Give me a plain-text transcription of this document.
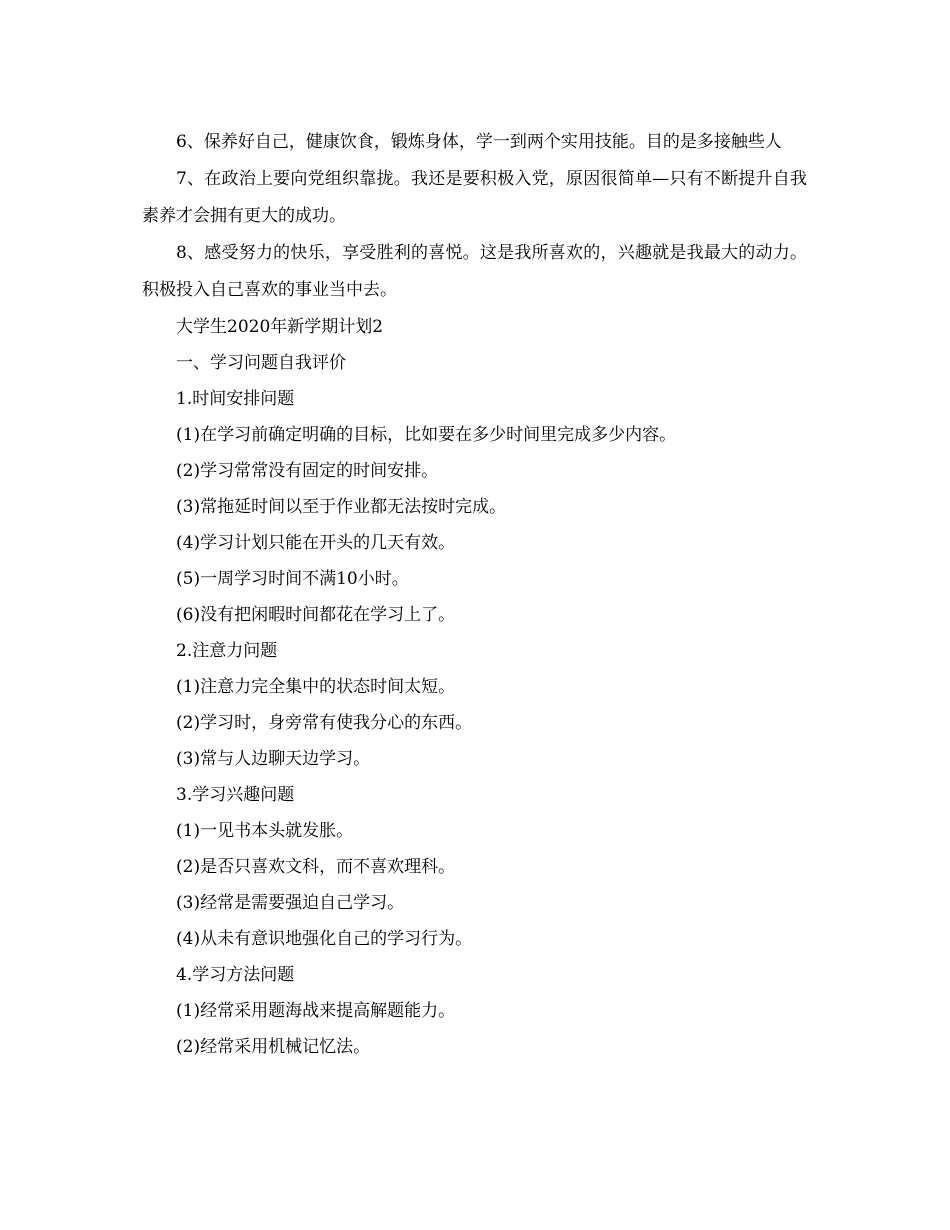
6、保养好自己，健康饮食，锻炼身体，学一到两个实用技能。目的是多接触些人

7、在政治上要向党组织靠拢。我还是要积极入党，原因很简单—只有不断提升自我素养才会拥有更大的成功。

8、感受努力的快乐，享受胜利的喜悦。这是我所喜欢的，兴趣就是我最大的动力。积极投入自己喜欢的事业当中去。

大学生2020年新学期计划2

一、学习问题自我评价

1.时间安排问题

(1)在学习前确定明确的目标，比如要在多少时间里完成多少内容。

(2)学习常常没有固定的时间安排。

(3)常拖延时间以至于作业都无法按时完成。

(4)学习计划只能在开头的几天有效。

(5)一周学习时间不满10小时。

(6)没有把闲暇时间都花在学习上了。

2.注意力问题

(1)注意力完全集中的状态时间太短。

(2)学习时，身旁常有使我分心的东西。

(3)常与人边聊天边学习。

3.学习兴趣问题

(1)一见书本头就发胀。

(2)是否只喜欢文科，而不喜欢理科。

(3)经常是需要强迫自己学习。

(4)从未有意识地强化自己的学习行为。

4.学习方法问题

(1)经常采用题海战来提高解题能力。

(2)经常采用机械记忆法。
